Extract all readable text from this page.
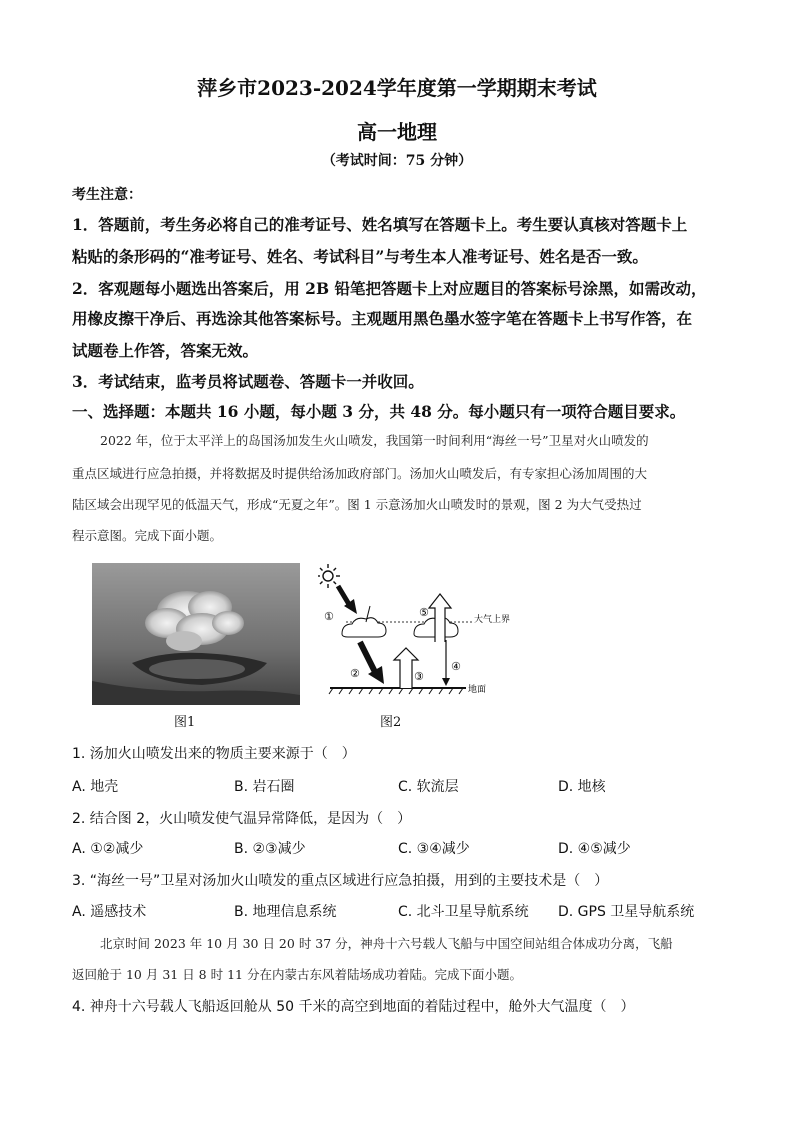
萍乡市2023-2024学年度第一学期期末考试
高一地理
（考试时间：75 分钟）
考生注意：
1．答题前，考生务必将自己的准考证号、姓名填写在答题卡上。考生要认真核对答题卡上
粘贴的条形码的“准考证号、姓名、考试科目”与考生本人准考证号、姓名是否一致。
2．客观题每小题选出答案后，用 2B 铅笔把答题卡上对应题目的答案标号涂黑，如需改动，
用橡皮擦干净后、再选涂其他答案标号。主观题用黑色墨水签字笔在答题卡上书写作答，在
试题卷上作答，答案无效。
3．考试结束，监考员将试题卷、答题卡一并收回。
一、选择题：本题共 16 小题，每小题 3 分，共 48 分。每小题只有一项符合题目要求。
2022 年，位于太平洋上的岛国汤加发生火山喷发，我国第一时间利用“海丝一号”卫星对火山喷发的
重点区域进行应急拍摄，并将数据及时提供给汤加政府部门。汤加火山喷发后，有专家担心汤加周围的大
陆区域会出现罕见的低温天气，形成“无夏之年”。图 1 示意汤加火山喷发时的景观，图 2 为大气受热过
程示意图。完成下面小题。
图1
①
②	③
④
⑤
大气上界
地面
图2
1. 汤加火山喷发出来的物质主要来源于（　）
A. 地壳	B. 岩石圈	C. 软流层	D. 地核
2. 结合图 2，火山喷发使气温异常降低，是因为（　）
A. ①②减少	B. ②③减少	C. ③④减少	D. ④⑤减少
3. “海丝一号”卫星对汤加火山喷发的重点区域进行应急拍摄，用到的主要技术是（　）
A. 遥感技术	B. 地理信息系统	C. 北斗卫星导航系统 D. GPS 卫星导航系统
北京时间 2023 年 10 月 30 日 20 时 37 分，神舟十六号载人飞船与中国空间站组合体成功分离，飞船
返回舱于 10 月 31 日 8 时 11 分在内蒙古东风着陆场成功着陆。完成下面小题。
4. 神舟十六号载人飞船返回舱从 50 千米的高空到地面的着陆过程中，舱外大气温度（　）
